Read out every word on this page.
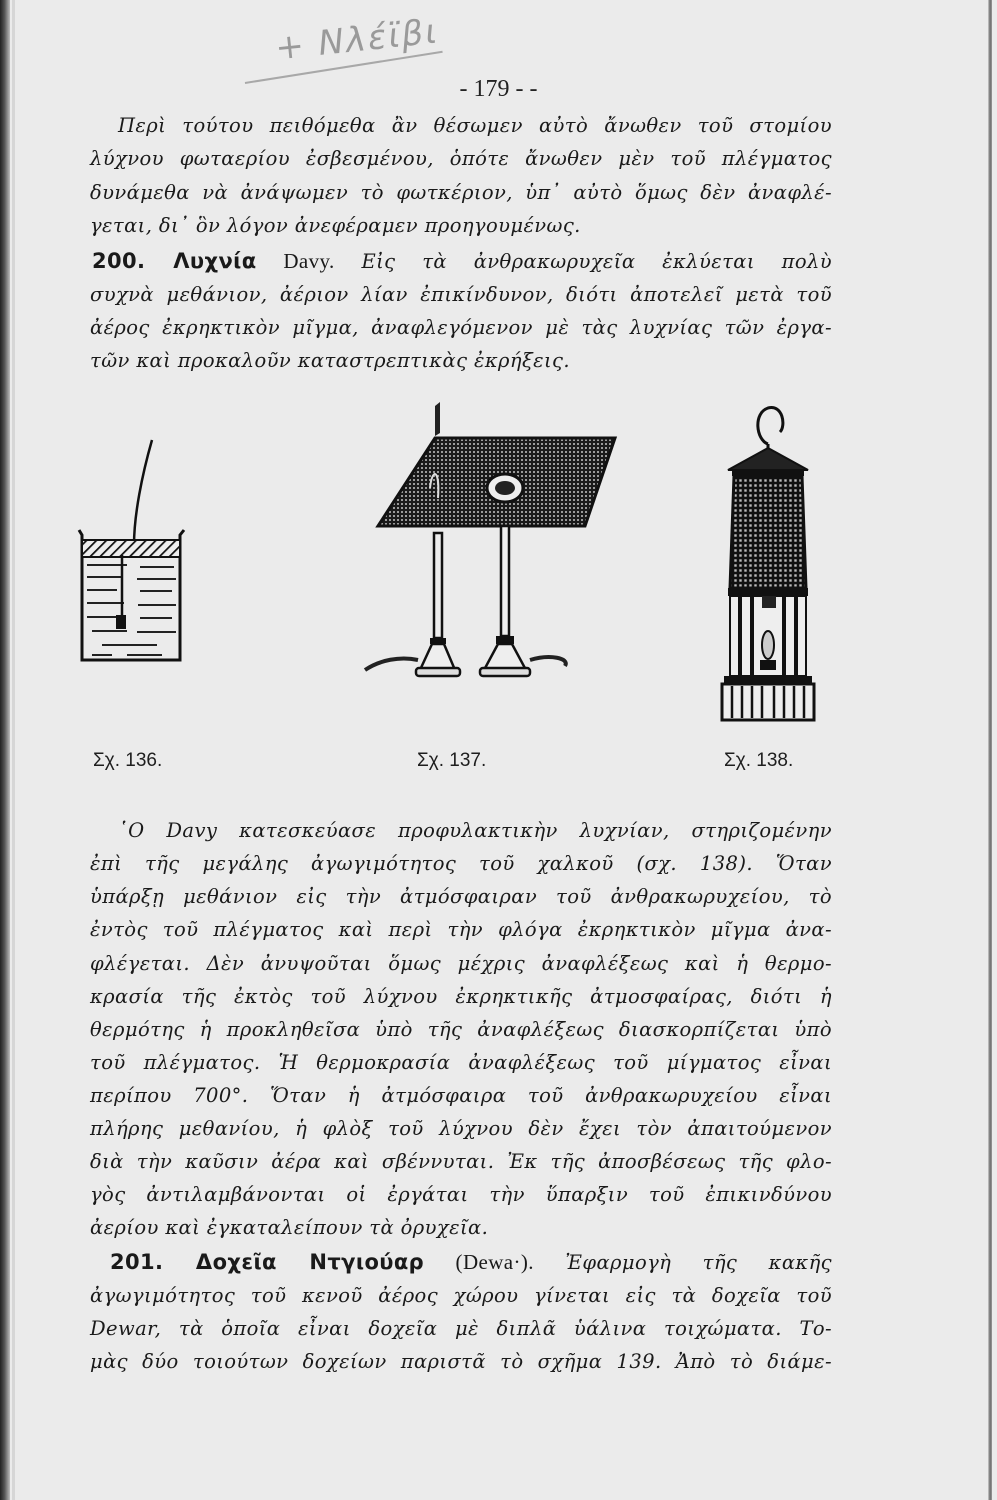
+ Nλέϊβι
- 179 - -
Περὶ τούτου πειθόμεθα ἂν θέσωμεν αὐτὸ ἄνωθεν τοῦ στομίου
λύχνου φωταερίου ἐσβεσμένου, ὁπότε ἄνωθεν μὲν τοῦ πλέγματος
δυνάμεθα νὰ ἀνάψωμεν τὸ φωτκέριον, ὑπ᾿ αὐτὸ ὅμως δὲν ἀναφλέ-
γεται, δι᾿ ὃν λόγον ἀνεφέραμεν προηγουμένως.
200. Λυχνία Davy. Εἰς τὰ ἀνθρακωρυχεῖα ἐκλύεται πολὺ
συχνὰ μεθάνιον, ἀέριον λίαν ἐπικίνδυνον, διότι ἀποτελεῖ μετὰ τοῦ
ἀέρος ἐκρηκτικὸν μῖγμα, ἀναφλεγόμενον μὲ τὰς λυχνίας τῶν ἐργα-
τῶν καὶ προκαλοῦν καταστρεπτικὰς ἐκρήξεις.
Σχ. 136.	Σχ. 137.	Σχ. 138.
῾Ο Davy κατεσκεύασε προφυλακτικὴν λυχνίαν, στηριζομένην
ἐπὶ τῆς μεγάλης ἀγωγιμότητος τοῦ χαλκοῦ (σχ. 138). Ὅταν
ὑπάρξῃ μεθάνιον εἰς τὴν ἀτμόσφαιραν τοῦ ἀνθρακωρυχείου, τὸ
ἐντὸς τοῦ πλέγματος καὶ περὶ τὴν φλόγα ἐκρηκτικὸν μῖγμα ἀνα-
φλέγεται. Δὲν ἀνυψοῦται ὅμως μέχρις ἀναφλέξεως καὶ ἡ θερμο-
κρασία τῆς ἐκτὸς τοῦ λύχνου ἐκρηκτικῆς ἀτμοσφαίρας, διότι ἡ
θερμότης ἡ προκληθεῖσα ὑπὸ τῆς ἀναφλέξεως διασκορπίζεται ὑπὸ
τοῦ πλέγματος. Ἡ θερμοκρασία ἀναφλέξεως τοῦ μίγματος εἶναι
περίπου 700°. Ὅταν ἡ ἀτμόσφαιρα τοῦ ἀνθρακωρυχείου εἶναι
πλήρης μεθανίου, ἡ φλὸξ τοῦ λύχνου δὲν ἔχει τὸν ἀπαιτούμενον
διὰ τὴν καῦσιν ἀέρα καὶ σβέννυται. Ἐκ τῆς ἀποσβέσεως τῆς φλο-
γὸς ἀντιλαμβάνονται οἱ ἐργάται τὴν ὕπαρξιν τοῦ ἐπικινδύνου
ἀερίου καὶ ἐγκαταλείπουν τὰ ὀρυχεῖα.
201. Δοχεῖα Ντγιούαρ (Dewa·). Ἐφαρμογὴ τῆς κακῆς
ἀγωγιμότητος τοῦ κενοῦ ἀέρος χώρου γίνεται εἰς τὰ δοχεῖα τοῦ
Dewar, τὰ ὁποῖα εἶναι δοχεῖα μὲ διπλᾶ ὑάλινα τοιχώματα. Το-
μὰς δύο τοιούτων δοχείων παριστᾶ τὸ σχῆμα 139. Ἀπὸ τὸ διάμε-
